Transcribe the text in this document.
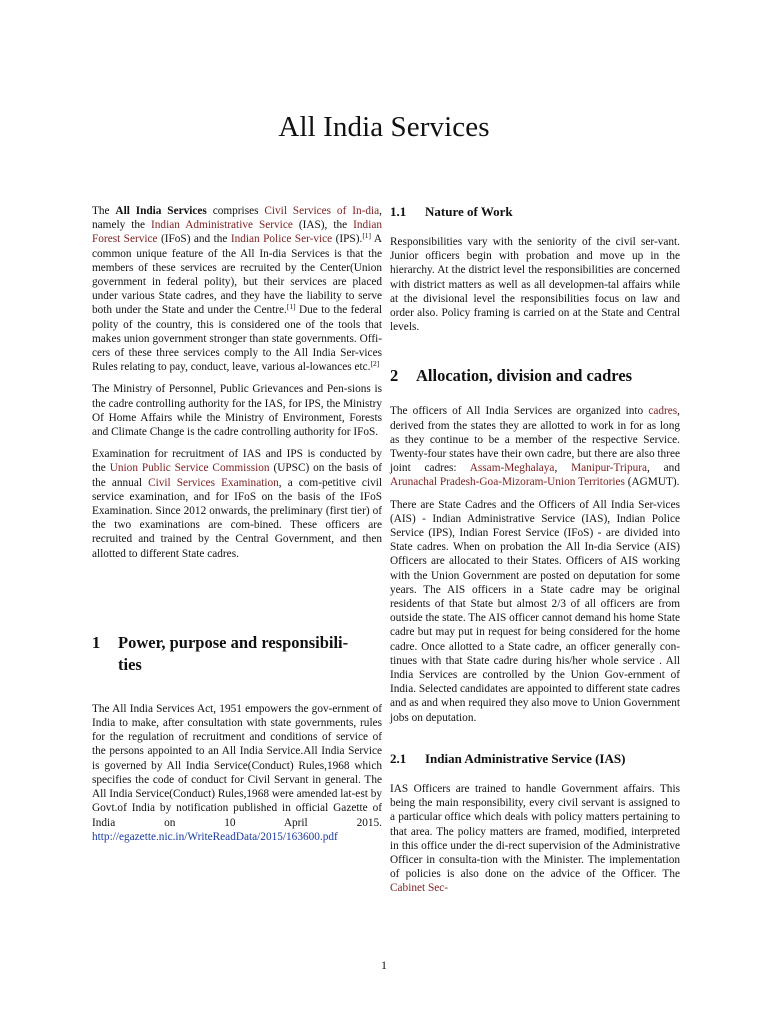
All India Services

The All India Services comprises Civil Services of In-dia, namely the Indian Administrative Service (IAS), the Indian Forest Service (IFoS) and the Indian Police Ser-vice (IPS).[1] A common unique feature of the All In-dia Services is that the members of these services are recruited by the Center(Union government in federal polity), but their services are placed under various State cadres, and they have the liability to serve both under the State and under the Centre.[1] Due to the federal polity of the country, this is considered one of the tools that makes union government stronger than state governments. Offi-cers of these three services comply to the All India Ser-vices Rules relating to pay, conduct, leave, various al-lowances etc.[2]

The Ministry of Personnel, Public Grievances and Pen-sions is the cadre controlling authority for the IAS, for IPS, the Ministry Of Home Affairs while the Ministry of Environment, Forests and Climate Change is the cadre controlling authority for IFoS.

Examination for recruitment of IAS and IPS is conducted by the Union Public Service Commission (UPSC) on the basis of the annual Civil Services Examination, a com-petitive civil service examination, and for IFoS on the basis of the IFoS Examination. Since 2012 onwards, the preliminary (first tier) of the two examinations are com-bined. These officers are recruited and trained by the Central Government, and then allotted to different State cadres.

1	Power, purpose and responsibili-ties

The All India Services Act, 1951 empowers the gov-ernment of India to make, after consultation with state governments, rules for the regulation of recruitment and conditions of service of the persons appointed to an All India Service.All India Service is governed by All India Service(Conduct) Rules,1968 which specifies the code of conduct for Civil Servant in general. The All India Service(Conduct) Rules,1968 were amended lat-est by Govt.of India by notification published in official Gazette of India on 10 April 2015. http://egazette.nic.in/WriteReadData/2015/163600.pdf

1.1	Nature of Work

Responsibilities vary with the seniority of the civil ser-vant. Junior officers begin with probation and move up in the hierarchy. At the district level the responsibilities are concerned with district matters as well as all developmen-tal affairs while at the divisional level the responsibilities focus on law and order also. Policy framing is carried on at the State and Central levels.

2	Allocation, division and cadres

The officers of All India Services are organized into cadres, derived from the states they are allotted to work in for as long as they continue to be a member of the respective Service. Twenty-four states have their own cadre, but there are also three joint cadres: Assam-Meghalaya, Manipur-Tripura, and Arunachal Pradesh-Goa-Mizoram-Union Territories (AGMUT).

There are State Cadres and the Officers of All India Ser-vices (AIS) - Indian Administrative Service (IAS), Indian Police Service (IPS), Indian Forest Service (IFoS) - are divided into State cadres. When on probation the All In-dia Service (AIS) Officers are allocated to their States. Officers of AIS working with the Union Government are posted on deputation for some years. The AIS officers in a State cadre may be original residents of that State but almost 2/3 of all officers are from outside the state. The AIS officer cannot demand his home State cadre but may put in request for being considered for the home cadre. Once allotted to a State cadre, an officer generally con-tinues with that State cadre during his/her whole service . All India Services are controlled by the Union Gov-ernment of India. Selected candidates are appointed to different state cadres and as and when required they also move to Union Government jobs on deputation.

2.1	Indian Administrative Service (IAS)

IAS Officers are trained to handle Government affairs. This being the main responsibility, every civil servant is assigned to a particular office which deals with policy matters pertaining to that area. The policy matters are framed, modified, interpreted in this office under the di-rect supervision of the Administrative Officer in consulta-tion with the Minister. The implementation of policies is also done on the advice of the Officer. The Cabinet Sec-

1
